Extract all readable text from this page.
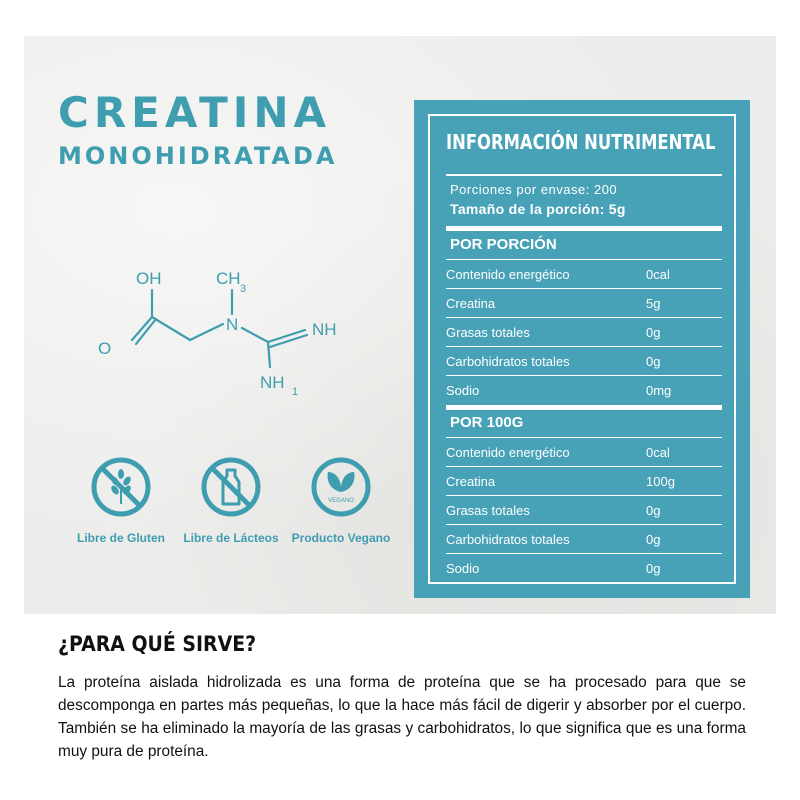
CREATINA
MONOHIDRATADA
OH
O
N
CH
3
NH
NH 1
Libre de Gluten	Libre de Lácteos
VEGANO
Producto Vegano
INFORMACIÓN NUTRIMENTAL
Porciones por envase: 200
Tamaño de la porción: 5g
POR PORCIÓN
Contenido energético	0cal
Creatina	5g
Grasas totales	0g
Carbohidratos totales	0g
Sodio	0mg
POR 100G
Contenido energético	0cal
Creatina	100g
Grasas totales	0g
Carbohidratos totales	0g
Sodio	0g
¿PARA QUÉ SIRVE?

La proteína aislada hidrolizada es una forma de proteína que se ha procesado para que se descomponga en partes más pequeñas, lo que la hace más fácil de digerir y absorber por el cuerpo. También se ha eliminado la mayoría de las grasas y carbohidratos, lo que significa que es una forma muy pura de proteína.
